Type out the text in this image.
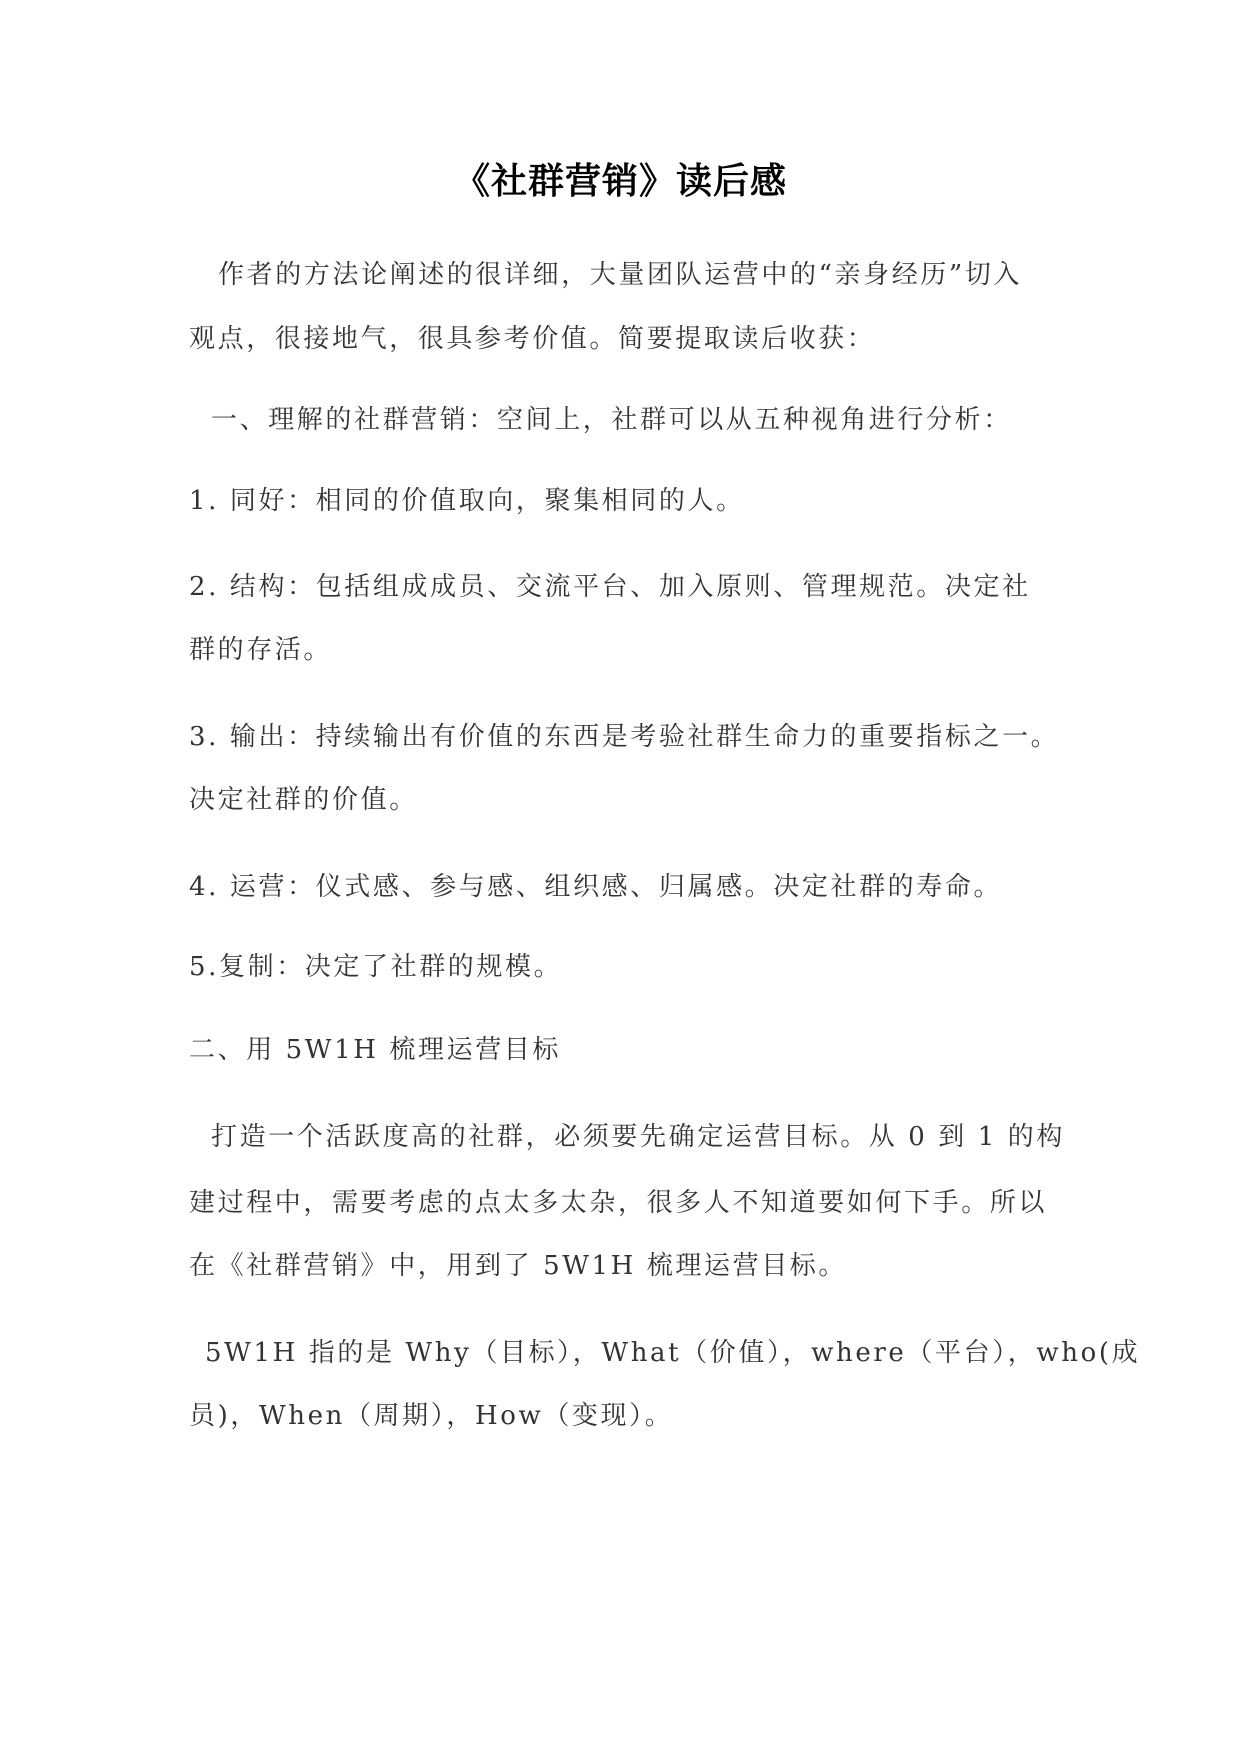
《社群营销》读后感
作者的方法论阐述的很详细，大量团队运营中的“亲身经历”切入
观点，很接地气，很具参考价值。简要提取读后收获：
一、理解的社群营销：空间上，社群可以从五种视角进行分析：
1. 同好：相同的价值取向，聚集相同的人。
2. 结构：包括组成成员、交流平台、加入原则、管理规范。决定社
群的存活。
3. 输出：持续输出有价值的东西是考验社群生命力的重要指标之一。
决定社群的价值。
4. 运营：仪式感、参与感、组织感、归属感。决定社群的寿命。
5.复制：决定了社群的规模。
二、用 5W1H 梳理运营目标
打造一个活跃度高的社群，必须要先确定运营目标。从 0 到 1 的构
建过程中，需要考虑的点太多太杂，很多人不知道要如何下手。所以
在《社群营销》中，用到了 5W1H 梳理运营目标。
5W1H 指的是 Why（目标），What（价值），where（平台），who(成
员)，When（周期），How（变现）。
